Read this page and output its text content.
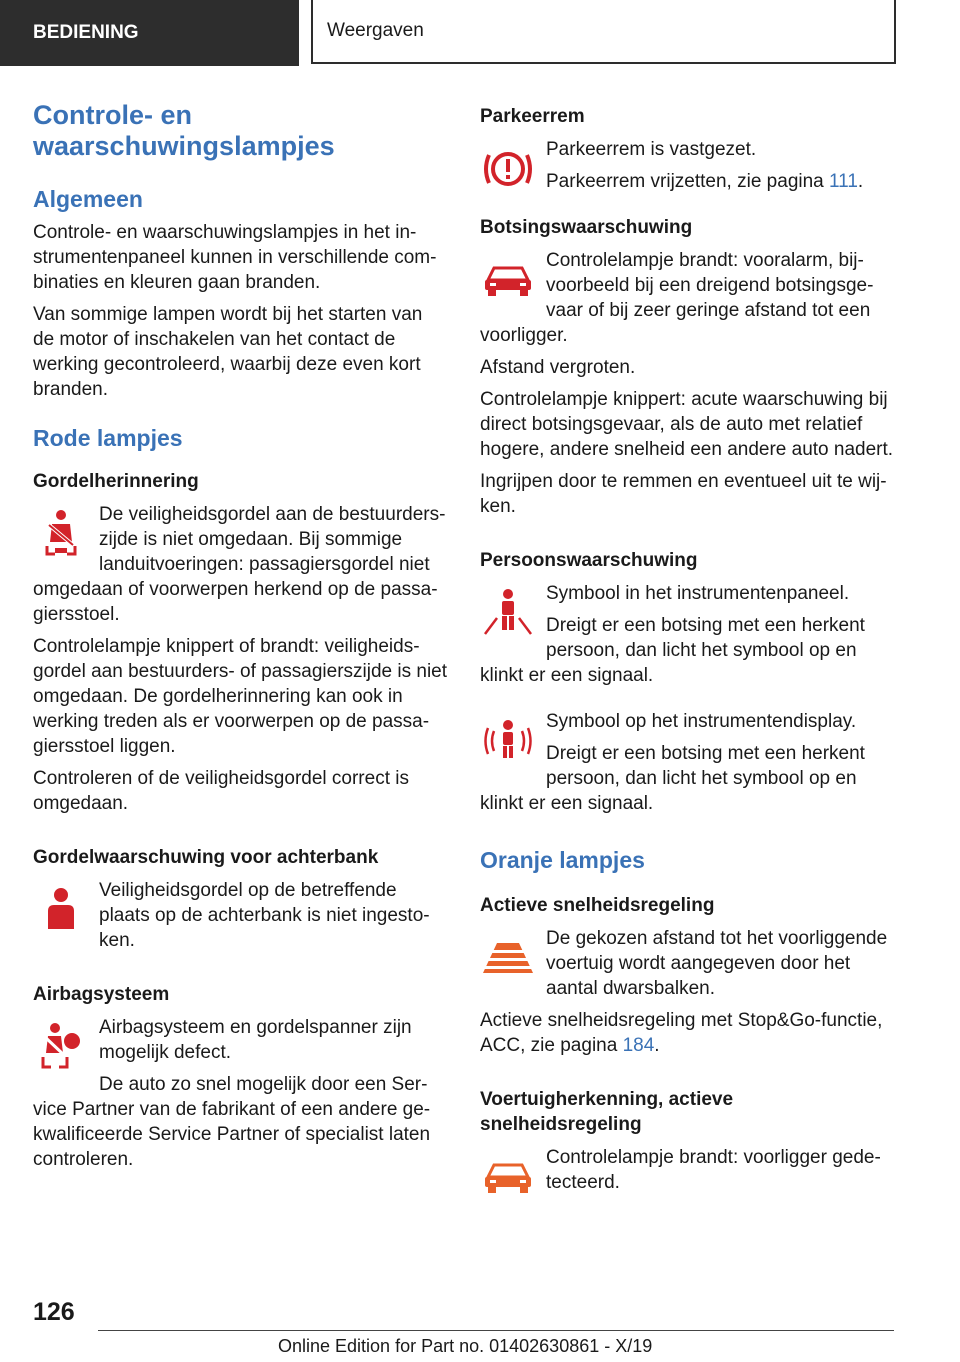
BEDIENING	Weergaven
Controle- en
waarschuwingslampjes
Algemeen

Controle- en waarschuwingslampjes in het in-strumentenpaneel kunnen in verschillende com-binaties en kleuren gaan branden.

Van sommige lampen wordt bij het starten van de motor of inschakelen van het contact de werking gecontroleerd, waarbij deze even kort branden.

Rode lampjes
Gordelherinnering

De veiligheidsgordel aan de bestuurders-zijde is niet omgedaan. Bij sommige landuitvoeringen: passagiersgordel niet omgedaan of voorwerpen herkend op de passa-giersstoel.

Controlelampje knippert of brandt: veiligheids-gordel aan bestuurders- of passagierszijde is niet omgedaan. De gordelherinnering kan ook in werking treden als er voorwerpen op de passa-giersstoel liggen.

Controleren of de veiligheidsgordel correct is omgedaan.

Gordelwaarschuwing voor achterbank

Veiligheidsgordel op de betreffende plaats op de achterbank is niet ingesto-ken.

Airbagsysteem

Airbagsysteem en gordelspanner zijn mogelijk defect.

De auto zo snel mogelijk door een Ser-vice Partner van de fabrikant of een andere ge-kwalificeerde Service Partner of specialist laten controleren.

Parkeerrem

Parkeerrem is vastgezet.

Parkeerrem vrijzetten, zie pagina 111.

Botsingswaarschuwing

Controlelampje brandt: vooralarm, bij-voorbeeld bij een dreigend botsingsge-vaar of bij zeer geringe afstand tot een voorligger.

Afstand vergroten.

Controlelampje knippert: acute waarschuwing bij direct botsingsgevaar, als de auto met relatief hogere, andere snelheid een andere auto nadert.

Ingrijpen door te remmen en eventueel uit te wij-ken.

Persoonswaarschuwing

Symbool in het instrumentenpaneel.

Dreigt er een botsing met een herkent persoon, dan licht het symbool op en klinkt er een signaal.

Symbool op het instrumentendisplay.

Dreigt er een botsing met een herkent persoon, dan licht het symbool op en klinkt er een signaal.

Oranje lampjes
Actieve snelheidsregeling

De gekozen afstand tot het voorliggende voertuig wordt aangegeven door het aantal dwarsbalken.

Actieve snelheidsregeling met Stop&Go-functie, ACC, zie pagina 184.

Voertuigherkenning, actieve
snelheidsregeling

Controlelampje brandt: voorligger gede-tecteerd.

126
Online Edition for Part no. 01402630861 - X/19
